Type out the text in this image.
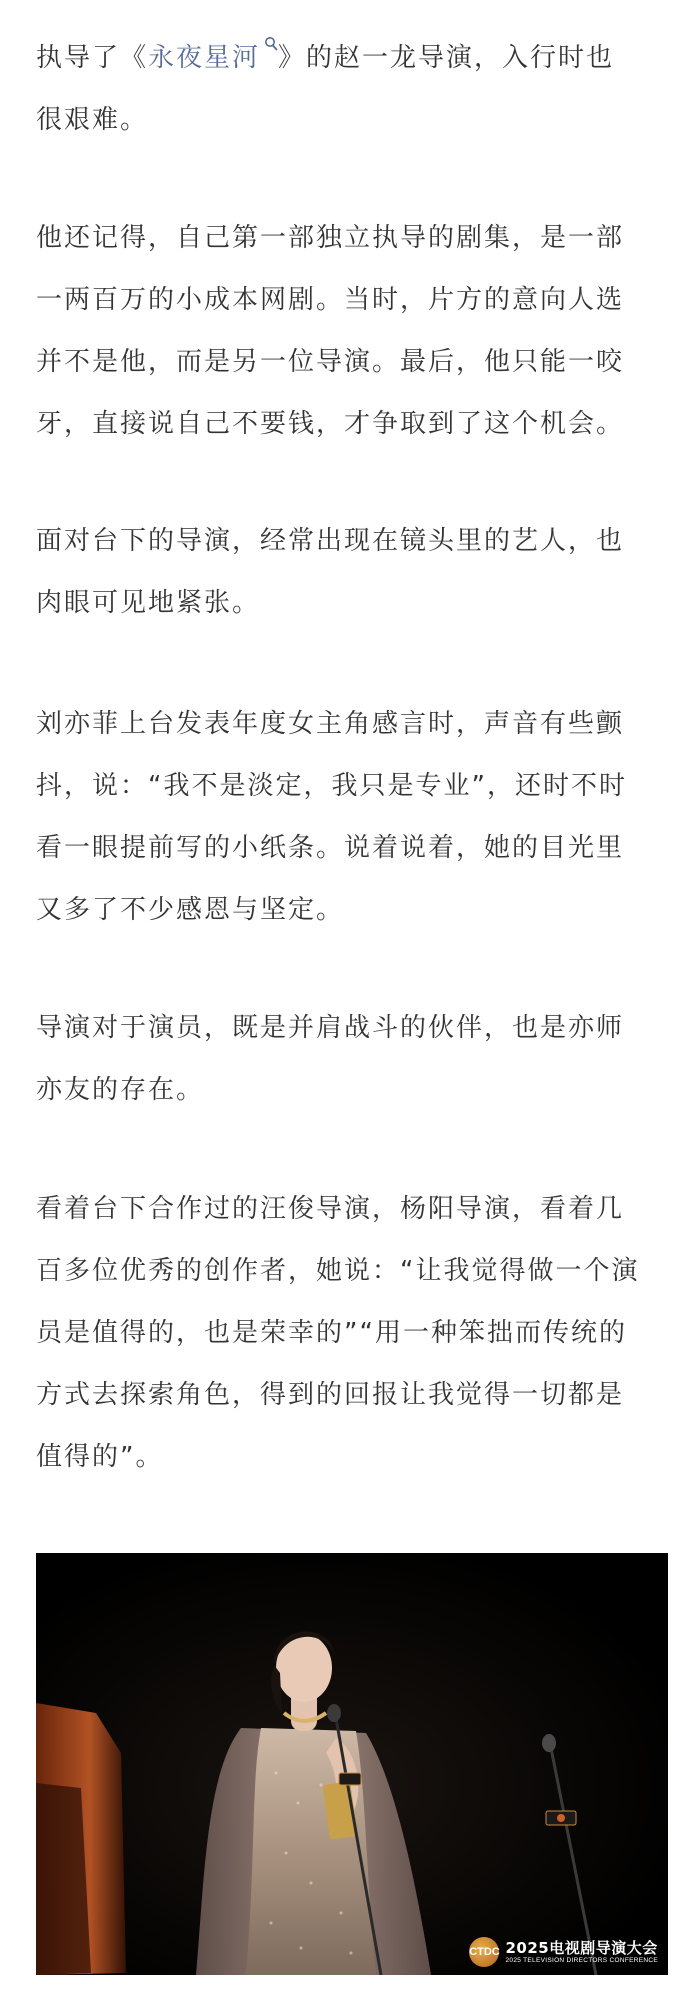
执导了《永夜星河 》的赵一龙导演，入行时也
很艰难。

他还记得，自己第一部独立执导的剧集，是一部
一两百万的小成本网剧。当时，片方的意向人选
并不是他，而是另一位导演。最后，他只能一咬
牙，直接说自己不要钱，才争取到了这个机会。

面对台下的导演，经常出现在镜头里的艺人，也
肉眼可见地紧张。

刘亦菲上台发表年度女主角感言时，声音有些颤
抖，说：“我不是淡定，我只是专业”，还时不时
看一眼提前写的小纸条。说着说着，她的目光里
又多了不少感恩与坚定。

导演对于演员，既是并肩战斗的伙伴，也是亦师
亦友的存在。

看着台下合作过的汪俊导演，杨阳导演，看着几
百多位优秀的创作者，她说：“让我觉得做一个演
员是值得的，也是荣幸的”“用一种笨拙而传统的
方式去探索角色，得到的回报让我觉得一切都是
值得的”。

CTDC 2025电视剧导演大会
2025 TELEVISION DIRECTORS CONFERENCE
